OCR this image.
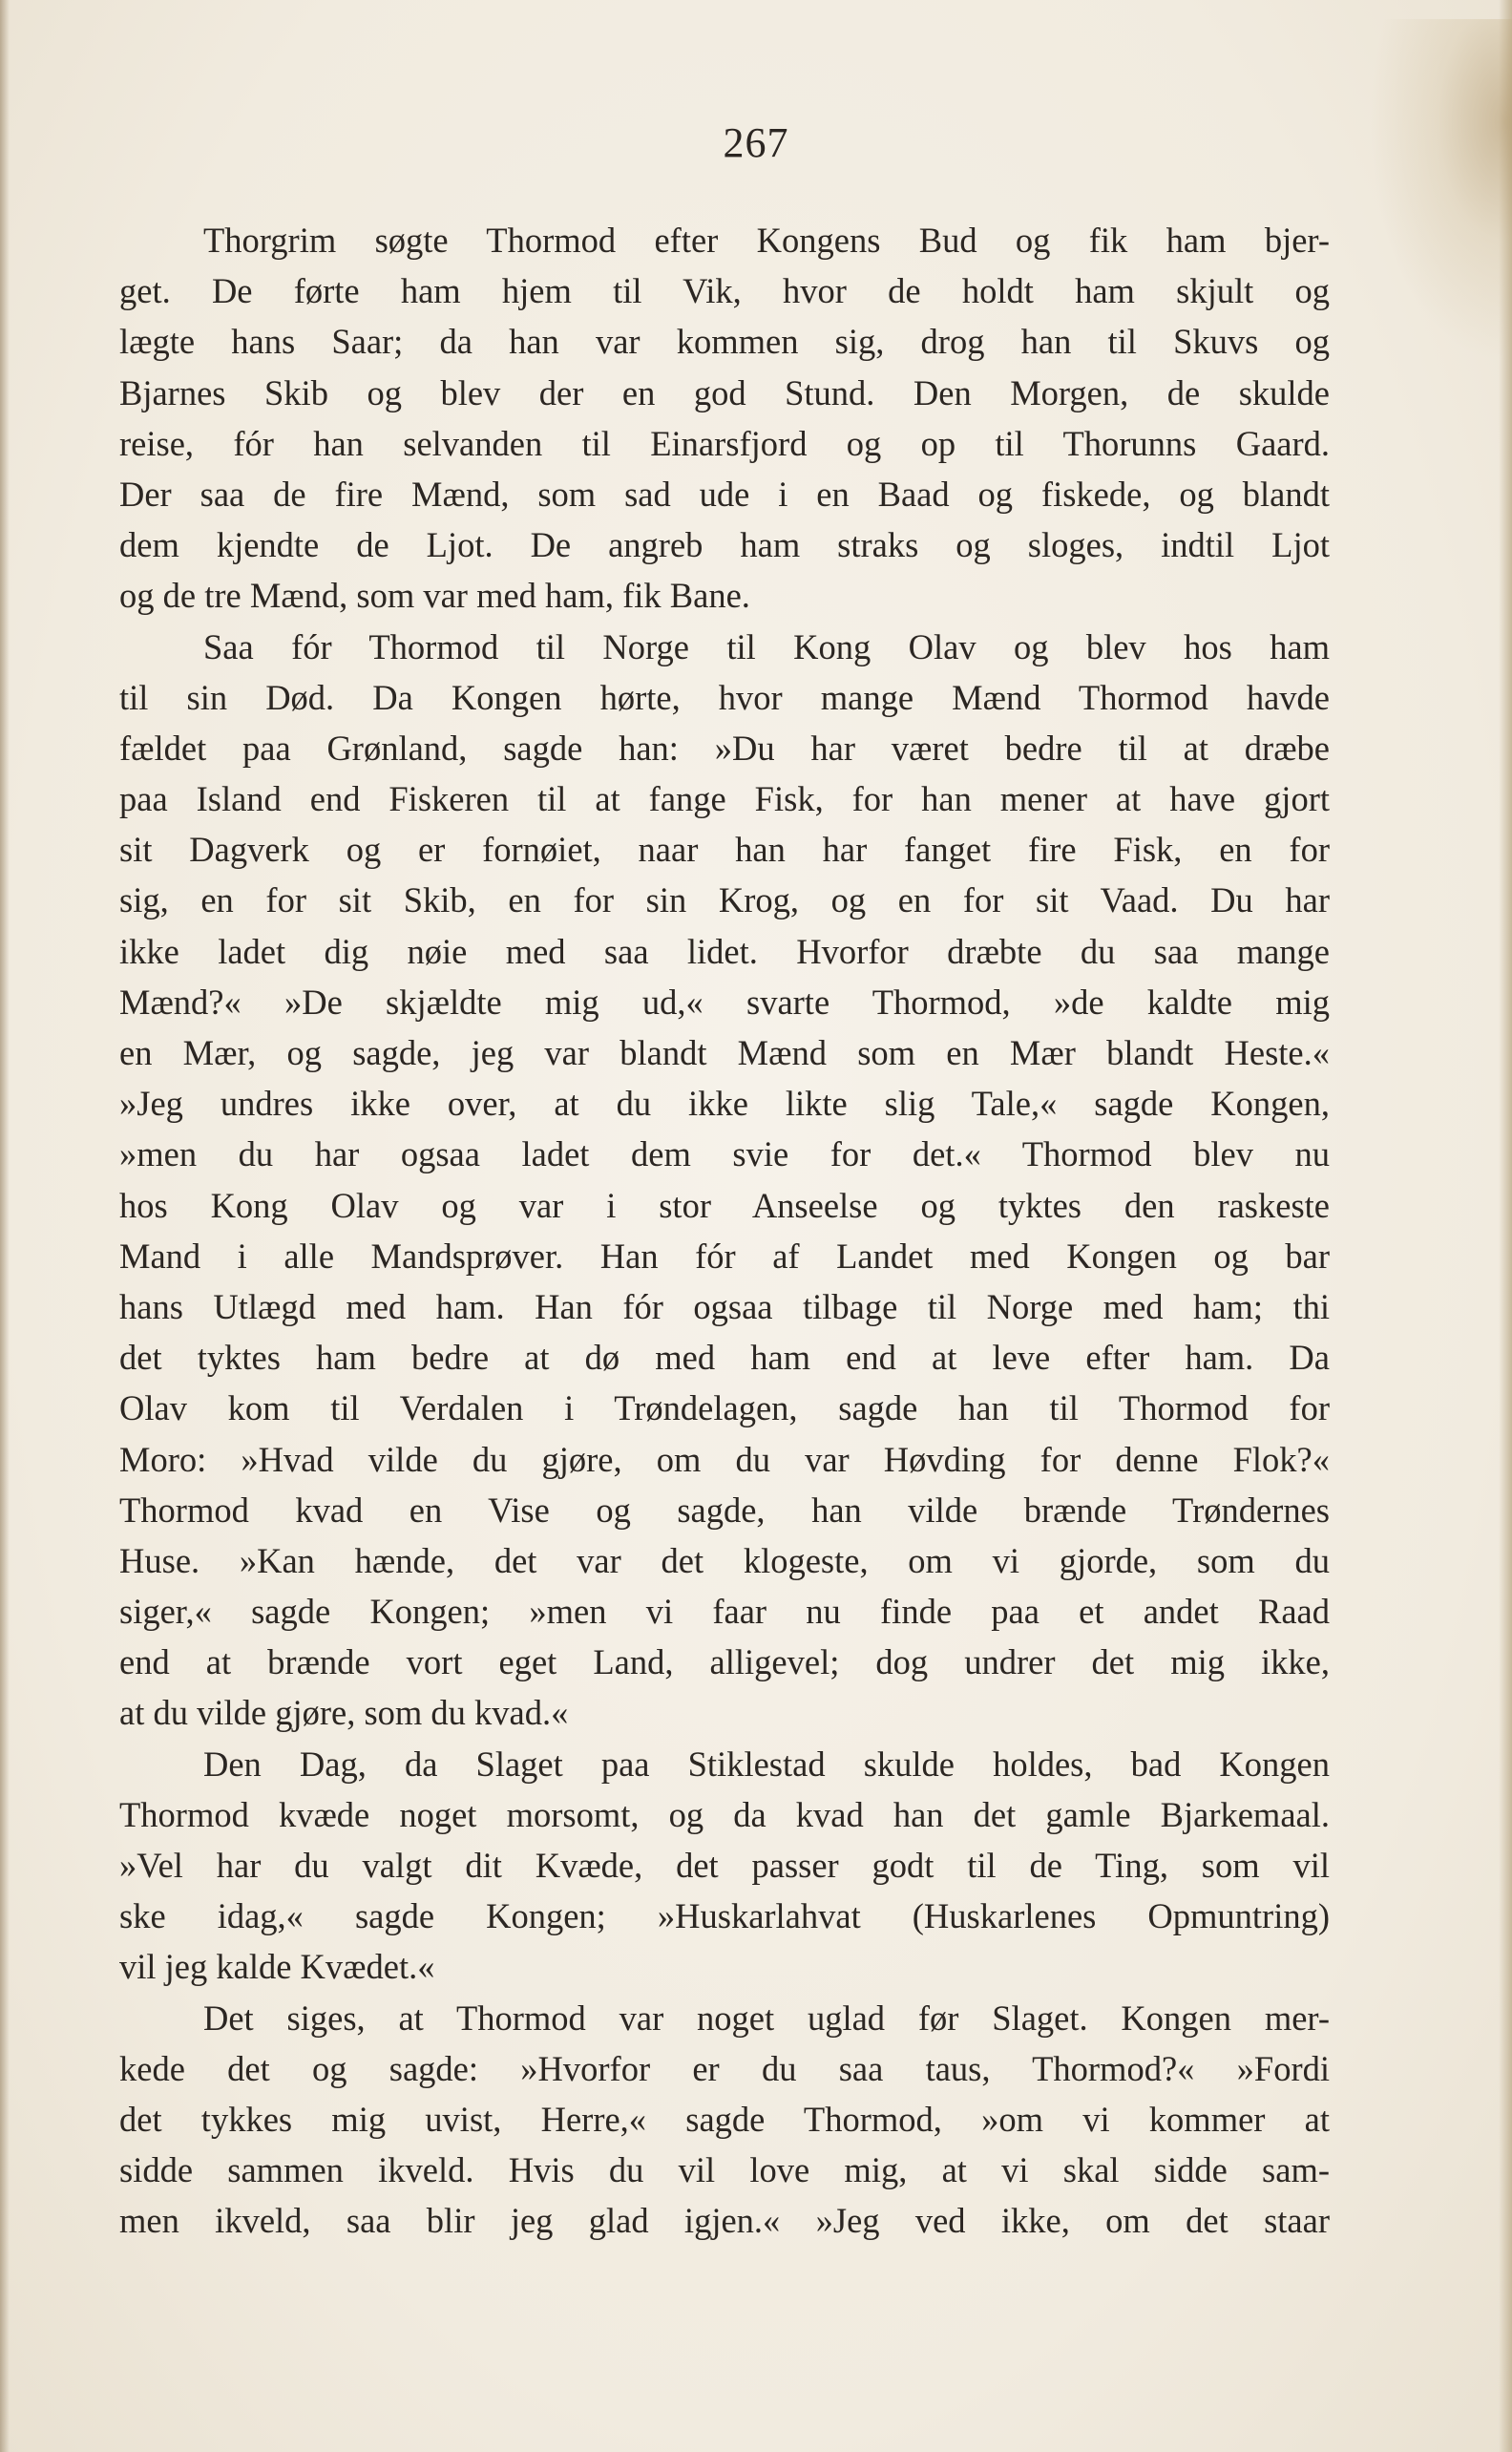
267
Thorgrim søgte Thormod efter Kongens Bud og fik ham bjer-
get. De førte ham hjem til Vik, hvor de holdt ham skjult og
lægte hans Saar; da han var kommen sig, drog han til Skuvs og
Bjarnes Skib og blev der en god Stund. Den Morgen, de skulde
reise, fór han selvanden til Einarsfjord og op til Thorunns Gaard.
Der saa de fire Mænd, som sad ude i en Baad og fiskede, og blandt
dem kjendte de Ljot. De angreb ham straks og sloges, indtil Ljot
og de tre Mænd, som var med ham, fik Bane.
Saa fór Thormod til Norge til Kong Olav og blev hos ham
til sin Død. Da Kongen hørte, hvor mange Mænd Thormod havde
fældet paa Grønland, sagde han: »Du har været bedre til at dræbe
paa Island end Fiskeren til at fange Fisk, for han mener at have gjort
sit Dagverk og er fornøiet, naar han har fanget fire Fisk, en for
sig, en for sit Skib, en for sin Krog, og en for sit Vaad. Du har
ikke ladet dig nøie med saa lidet. Hvorfor dræbte du saa mange
Mænd?« »De skjældte mig ud,« svarte Thormod, »de kaldte mig
en Mær, og sagde, jeg var blandt Mænd som en Mær blandt Heste.«
»Jeg undres ikke over, at du ikke likte slig Tale,« sagde Kongen,
»men du har ogsaa ladet dem svie for det.« Thormod blev nu
hos Kong Olav og var i stor Anseelse og tyktes den raskeste
Mand i alle Mandsprøver. Han fór af Landet med Kongen og bar
hans Utlægd med ham. Han fór ogsaa tilbage til Norge med ham; thi
det tyktes ham bedre at dø med ham end at leve efter ham. Da
Olav kom til Verdalen i Trøndelagen, sagde han til Thormod for
Moro: »Hvad vilde du gjøre, om du var Høvding for denne Flok?«
Thormod kvad en Vise og sagde, han vilde brænde Trøndernes
Huse. »Kan hænde, det var det klogeste, om vi gjorde, som du
siger,« sagde Kongen; »men vi faar nu finde paa et andet Raad
end at brænde vort eget Land, alligevel; dog undrer det mig ikke,
at du vilde gjøre, som du kvad.«
Den Dag, da Slaget paa Stiklestad skulde holdes, bad Kongen
Thormod kvæde noget morsomt, og da kvad han det gamle Bjarkemaal.
»Vel har du valgt dit Kvæde, det passer godt til de Ting, som vil
ske idag,« sagde Kongen; »Huskarlahvat (Huskarlenes Opmuntring)
vil jeg kalde Kvædet.«
Det siges, at Thormod var noget uglad før Slaget. Kongen mer-
kede det og sagde: »Hvorfor er du saa taus, Thormod?« »Fordi
det tykkes mig uvist, Herre,« sagde Thormod, »om vi kommer at
sidde sammen ikveld. Hvis du vil love mig, at vi skal sidde sam-
men ikveld, saa blir jeg glad igjen.« »Jeg ved ikke, om det staar
